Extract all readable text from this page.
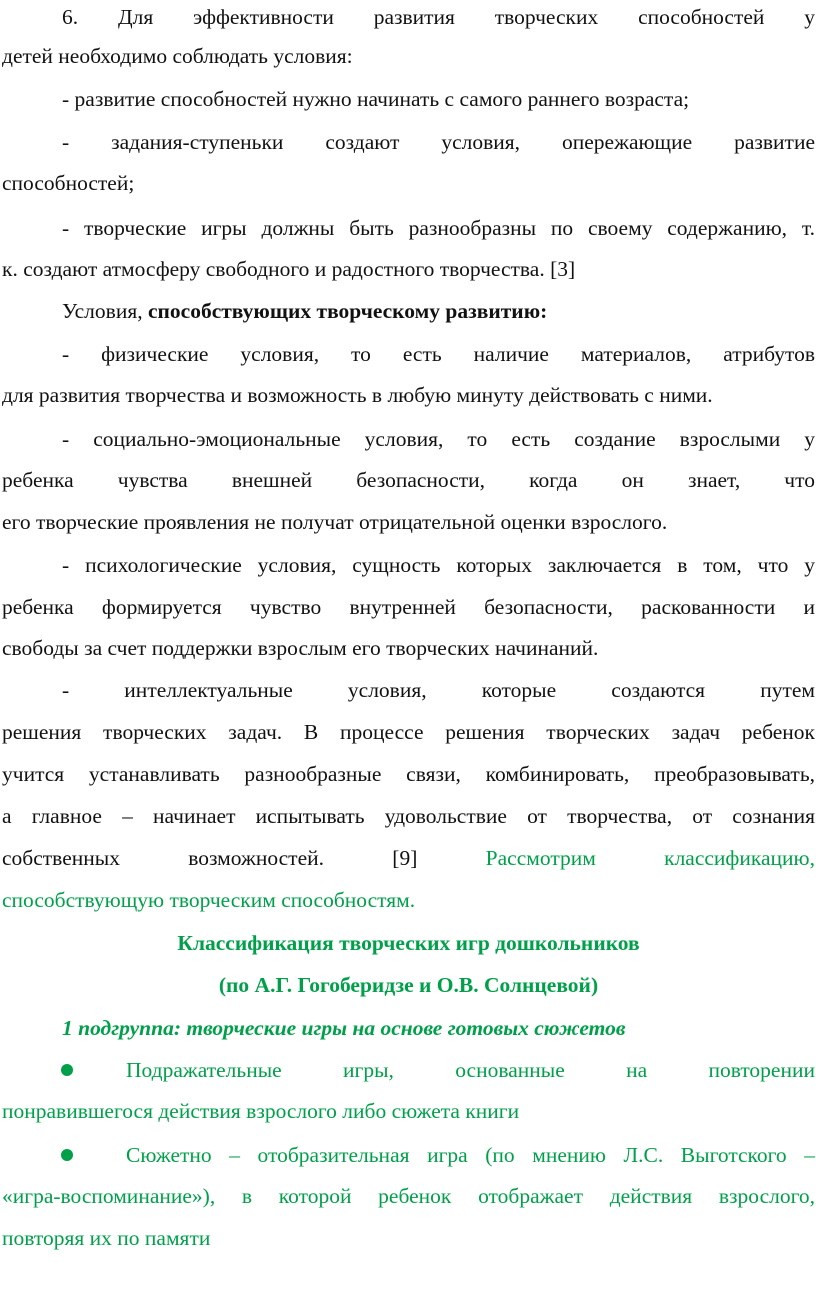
6. Для эффективности развития творческих способностей у
детей необходимо соблюдать условия:
- развитие способностей нужно начинать с самого раннего возраста;
- задания-ступеньки создают условия, опережающие развитие
способностей;
- творческие игры должны быть разнообразны по своему содержанию, т.
к. создают атмосферу свободного и радостного творчества. [3]
Условия, способствующих творческому развитию:
- физические условия, то есть наличие материалов, атрибутов
для развития творчества и возможность в любую минуту действовать с ними.
- социально-эмоциональные условия, то есть создание взрослыми у
ребенка чувства внешней безопасности, когда он знает, что
его творческие проявления не получат отрицательной оценки взрослого.
- психологические условия, сущность которых заключается в том, что у
ребенка формируется чувство внутренней безопасности, раскованности и
свободы за счет поддержки взрослым его творческих начинаний.
- интеллектуальные условия, которые создаются путем
решения творческих задач. В процессе решения творческих задач ребенок
учится устанавливать разнообразные связи, комбинировать, преобразовывать,
а главное – начинает испытывать удовольствие от творчества, от сознания
собственных возможностей. [9] Рассмотрим классификацию,
способствующую творческим способностям.
Классификация творческих игр дошкольников
(по А.Г. Гогоберидзе и О.В. Солнцевой)
1 подгруппа: творческие игры на основе готовых сюжетов
Подражательные игры, основанные на повторении
понравившегося действия взрослого либо сюжета книги
Сюжетно – отобразительная игра (по мнению Л.С. Выготского –
«игра-воспоминание»), в которой ребенок отображает действия взрослого,
повторяя их по памяти
